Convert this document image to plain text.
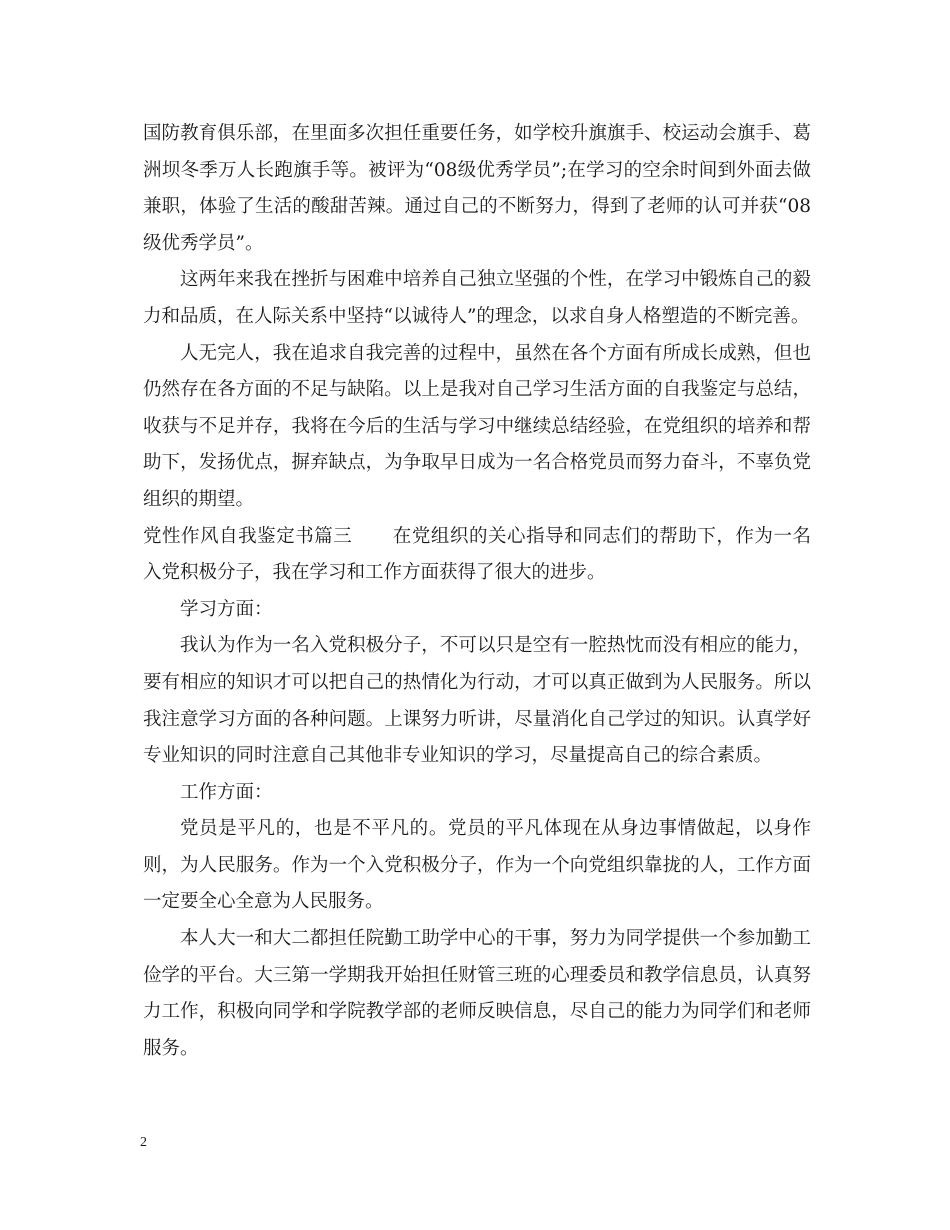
国防教育俱乐部，在里面多次担任重要任务，如学校升旗旗手、校运动会旗手、葛洲坝冬季万人长跑旗手等。被评为“08级优秀学员”;在学习的空余时间到外面去做兼职，体验了生活的酸甜苦辣。通过自己的不断努力，得到了老师的认可并获“08级优秀学员”。

这两年来我在挫折与困难中培养自己独立坚强的个性，在学习中锻炼自己的毅力和品质，在人际关系中坚持“以诚待人”的理念，以求自身人格塑造的不断完善。

人无完人，我在追求自我完善的过程中，虽然在各个方面有所成长成熟，但也仍然存在各方面的不足与缺陷。以上是我对自己学习生活方面的自我鉴定与总结，收获与不足并存，我将在今后的生活与学习中继续总结经验，在党组织的培养和帮助下，发扬优点，摒弃缺点，为争取早日成为一名合格党员而努力奋斗，不辜负党组织的期望。

党性作风自我鉴定书篇三 在党组织的关心指导和同志们的帮助下，作为一名入党积极分子，我在学习和工作方面获得了很大的进步。

学习方面：

我认为作为一名入党积极分子，不可以只是空有一腔热忱而没有相应的能力，要有相应的知识才可以把自己的热情化为行动，才可以真正做到为人民服务。所以我注意学习方面的各种问题。上课努力听讲，尽量消化自己学过的知识。认真学好专业知识的同时注意自己其他非专业知识的学习，尽量提高自己的综合素质。

工作方面：

党员是平凡的，也是不平凡的。党员的平凡体现在从身边事情做起，以身作则，为人民服务。作为一个入党积极分子，作为一个向党组织靠拢的人，工作方面一定要全心全意为人民服务。

本人大一和大二都担任院勤工助学中心的干事，努力为同学提供一个参加勤工俭学的平台。大三第一学期我开始担任财管三班的心理委员和教学信息员，认真努力工作，积极向同学和学院教学部的老师反映信息，尽自己的能力为同学们和老师服务。

2
